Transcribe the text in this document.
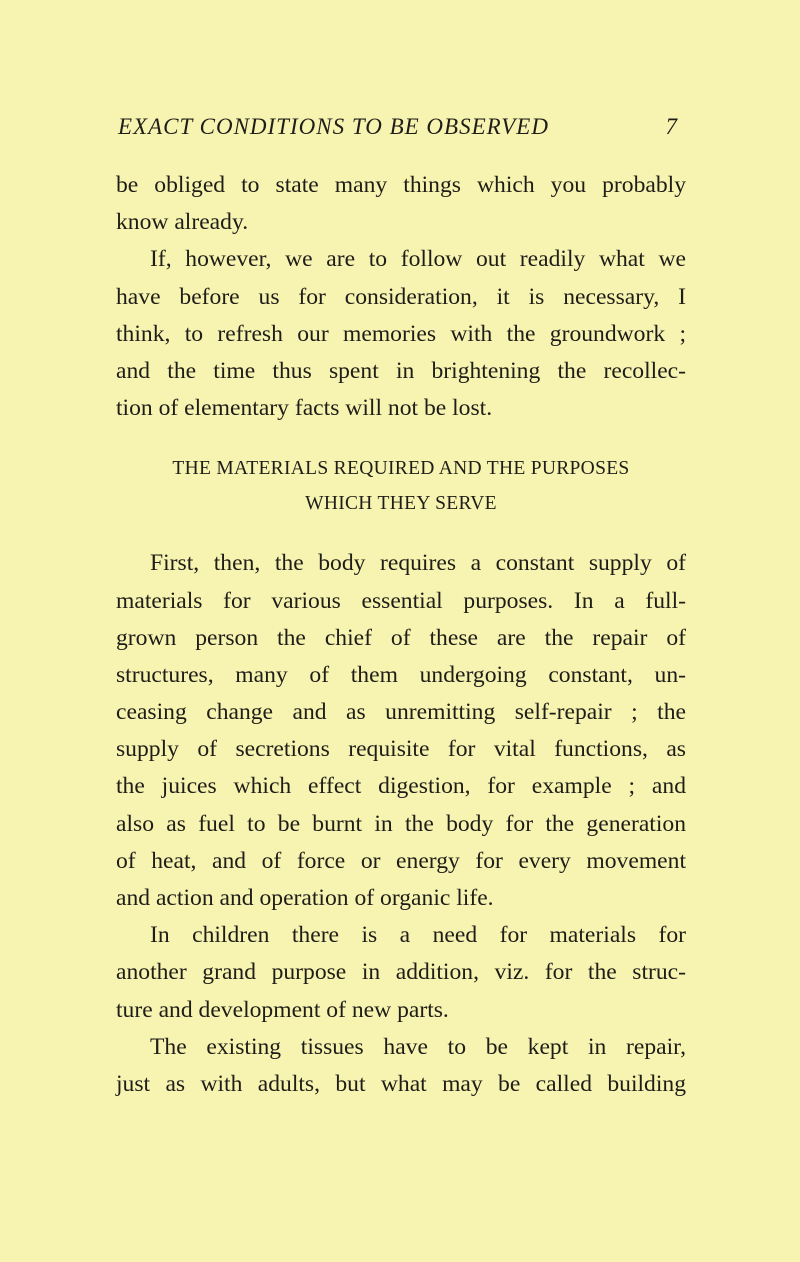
EXACT CONDITIONS TO BE OBSERVED	7
be obliged to state many things which you probably
know already.
If, however, we are to follow out readily what we
have before us for consideration, it is necessary, I
think, to refresh our memories with the groundwork ;
and the time thus spent in brightening the recollec-
tion of elementary facts will not be lost.
THE MATERIALS REQUIRED AND THE PURPOSES
WHICH THEY SERVE
First, then, the body requires a constant supply of
materials for various essential purposes. In a full-
grown person the chief of these are the repair of
structures, many of them undergoing constant, un-
ceasing change and as unremitting self-repair ; the
supply of secretions requisite for vital functions, as
the juices which effect digestion, for example ; and
also as fuel to be burnt in the body for the generation
of heat, and of force or energy for every movement
and action and operation of organic life.
In children there is a need for materials for
another grand purpose in addition, viz. for the struc-
ture and development of new parts.
The existing tissues have to be kept in repair,
just as with adults, but what may be called building
